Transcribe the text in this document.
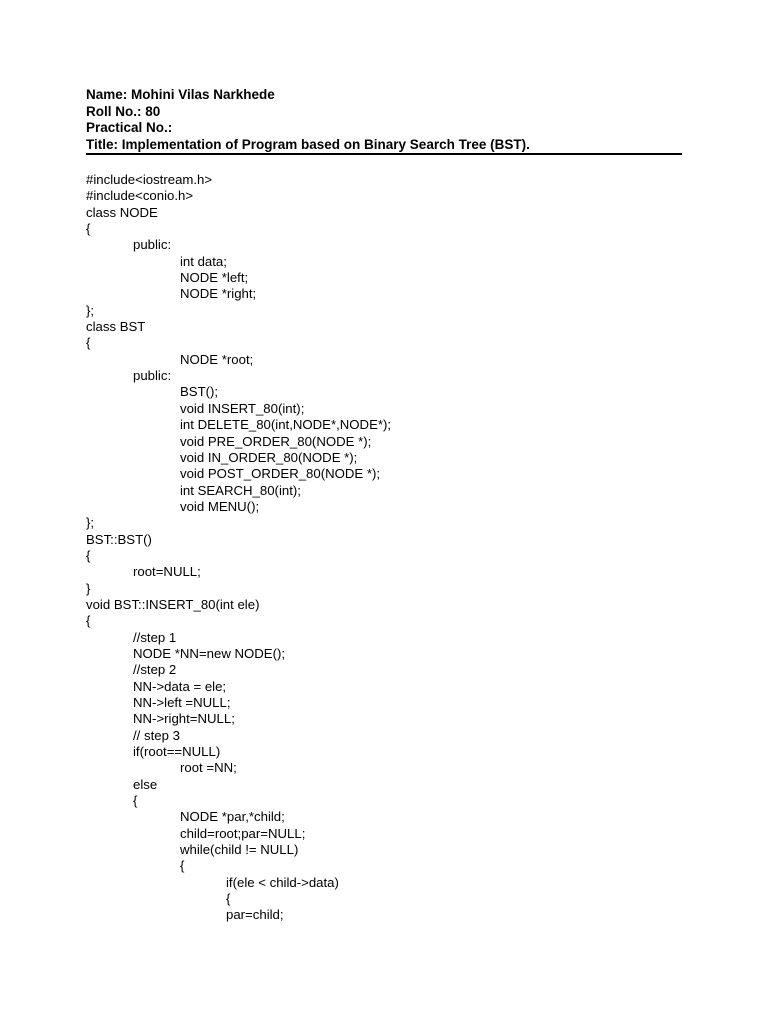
Name: Mohini Vilas Narkhede
Roll No.: 80
Practical No.:
Title: Implementation of Program based on Binary Search Tree (BST).
#include<iostream.h>
#include<conio.h>
class NODE
{
public:
int data;
NODE *left;
NODE *right;
};
class BST
{
NODE *root;
public:
BST();
void INSERT_80(int);
int DELETE_80(int,NODE*,NODE*);
void PRE_ORDER_80(NODE *);
void IN_ORDER_80(NODE *);
void POST_ORDER_80(NODE *);
int SEARCH_80(int);
void MENU();
};
BST::BST()
{
root=NULL;
}
void BST::INSERT_80(int ele)
{
//step 1
NODE *NN=new NODE();
//step 2
NN->data = ele;
NN->left =NULL;
NN->right=NULL;
// step 3
if(root==NULL)
root =NN;
else
{
NODE *par,*child;
child=root;par=NULL;
while(child != NULL)
{
if(ele < child->data)
{
par=child;
